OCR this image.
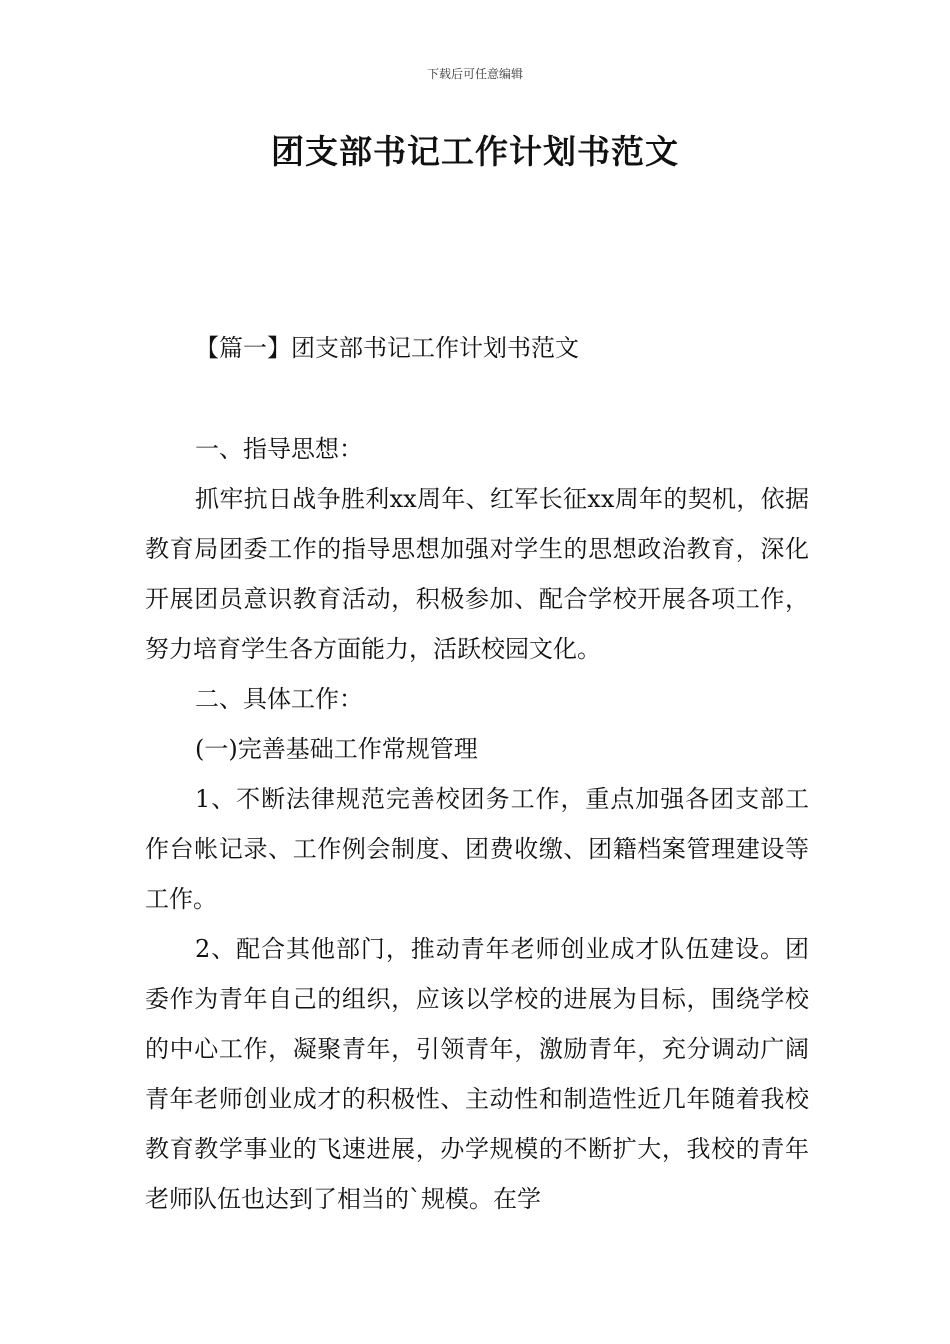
下载后可任意编辑
团支部书记工作计划书范文
【篇一】团支部书记工作计划书范文

一、指导思想：

抓牢抗日战争胜利xx周年、红军长征xx周年的契机，依据教育局团委工作的指导思想加强对学生的思想政治教育，深化开展团员意识教育活动，积极参加、配合学校开展各项工作，努力培育学生各方面能力，活跃校园文化。

二、具体工作：

(一)完善基础工作常规管理

1、不断法律规范完善校团务工作，重点加强各团支部工作台帐记录、工作例会制度、团费收缴、团籍档案管理建设等工作。

2、配合其他部门，推动青年老师创业成才队伍建设。团委作为青年自己的组织，应该以学校的进展为目标，围绕学校的中心工作，凝聚青年，引领青年，激励青年，充分调动广阔青年老师创业成才的积极性、主动性和制造性近几年随着我校教育教学事业的飞速进展，办学规模的不断扩大，我校的青年老师队伍也达到了相当的`规模。在学
